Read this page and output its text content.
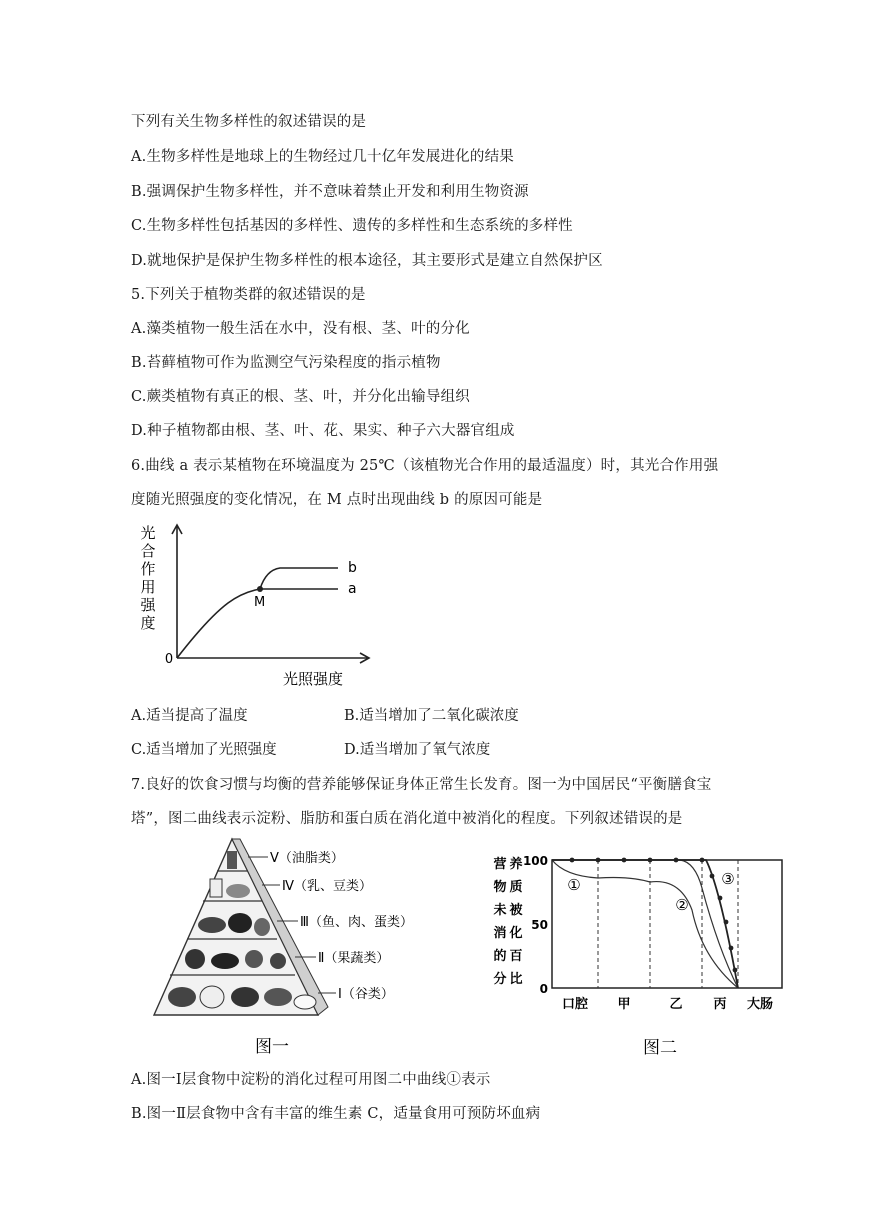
下列有关生物多样性的叙述错误的是
A.生物多样性是地球上的生物经过几十亿年发展进化的结果
B.强调保护生物多样性，并不意味着禁止开发和利用生物资源
C.生物多样性包括基因的多样性、遗传的多样性和生态系统的多样性
D.就地保护是保护生物多样性的根本途径，其主要形式是建立自然保护区
5.下列关于植物类群的叙述错误的是
A.藻类植物一般生活在水中，没有根、茎、叶的分化
B.苔藓植物可作为监测空气污染程度的指示植物
C.蕨类植物有真正的根、茎、叶，并分化出输导组织
D.种子植物都由根、茎、叶、花、果实、种子六大器官组成
6.曲线 a 表示某植物在环境温度为 25℃（该植物光合作用的最适温度）时，其光合作用强
度随光照强度的变化情况，在 M 点时出现曲线 b 的原因可能是
光
合
作
用
强
度
0
M
a
b
光照强度
A.适当提高了温度	B.适当增加了二氧化碳浓度
C.适当增加了光照强度	D.适当增加了氧气浓度
7.良好的饮食习惯与均衡的营养能够保证身体正常生长发育。图一为中国居民“平衡膳食宝
塔”，图二曲线表示淀粉、脂肪和蛋白质在消化道中被消化的程度。下列叙述错误的是
V（油脂类）
Ⅳ（乳、豆类）
Ⅲ（鱼、肉、蛋类）
Ⅱ（果蔬类）
Ⅰ（谷类）
图一
营 养
物 质
未 被
消 化
的 百
分 比
100
50
0
①
②
③
口腔 甲	乙 丙 大肠
图二
A.图一Ⅰ层食物中淀粉的消化过程可用图二中曲线①表示
B.图一Ⅱ层食物中含有丰富的维生素 C，适量食用可预防坏血病
